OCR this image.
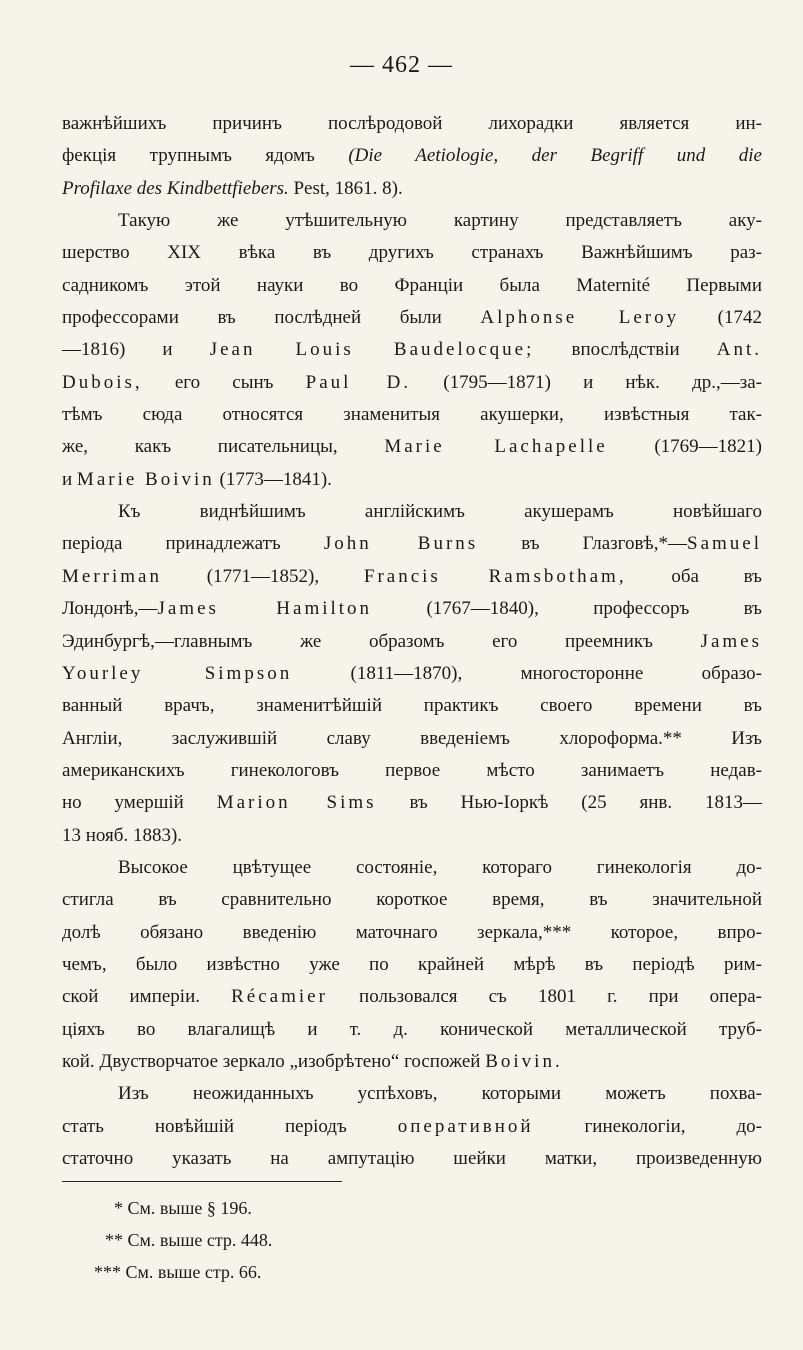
— 462 —
важнѣйшихъ причинъ послѣродовой лихорадки является ин-
фекція трупнымъ ядомъ (Die Aetiologie, der Begriff und die
Profilaxe des Kindbettfiebers. Pest, 1861. 8).
Такую же утѣшительную картину представляетъ аку-
шерство XIX вѣка въ другихъ странахъ Важнѣйшимъ раз-
садникомъ этой науки во Франціи была Maternité Первыми
профессорами въ послѣдней были Alphonse Leroy (1742
—1816) и Jean Louis Baudelocque; впослѣдствіи Ant.
Dubois, его сынъ Paul D. (1795—1871) и нѣк. др.,—за-
тѣмъ сюда относятся знаменитыя акушерки, извѣстныя так-
же, какъ писательницы, Marie Lachapelle (1769—1821)
и Marie Boivin (1773—1841).
Къ виднѣйшимъ англійскимъ акушерамъ новѣйшаго
періода принадлежатъ John Burns въ Глазговѣ,*—Samuel
Merriman (1771—1852), Francis Ramsbotham, оба въ
Лондонѣ,—James Hamilton (1767—1840), профессоръ въ
Эдинбургѣ,—главнымъ же образомъ его преемникъ James
Yourley Simpson (1811—1870), многосторонне образо-
ванный врачъ, знаменитѣйшій практикъ своего времени въ
Англіи, заслужившій славу введеніемъ хлороформа.** Изъ
американскихъ гинекологовъ первое мѣсто занимаетъ недав-
но умершій Marion Sims въ Нью-Іоркѣ (25 янв. 1813—
13 нояб. 1883).
Высокое цвѣтущее состояніе, котораго гинекологія до-
стигла въ сравнительно короткое время, въ значительной
долѣ обязано введенію маточнаго зеркала,*** которое, впро-
чемъ, было извѣстно уже по крайней мѣрѣ въ періодѣ рим-
ской имперіи. Récamier пользовался съ 1801 г. при опера-
ціяхъ во влагалищѣ и т. д. конической металлической труб-
кой. Двустворчатое зеркало „изобрѣтено“ госпожей Boivin.
Изъ неожиданныхъ успѣховъ, которыми можетъ похва-
стать новѣйшій періодъ оперативной гинекологіи, до-
статочно указать на ампутацію шейки матки, произведенную
* См. выше § 196.
** См. выше стр. 448.
*** См. выше стр. 66.
